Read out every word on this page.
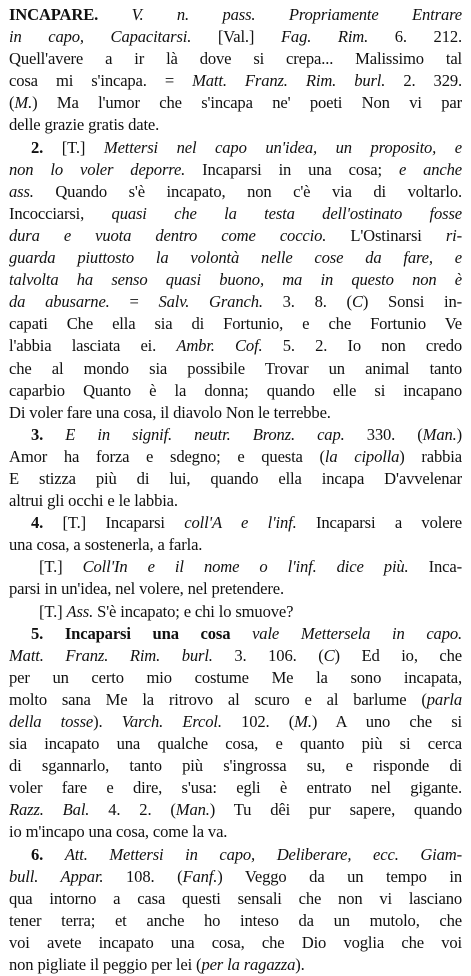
INCAPARE. V. n. pass. Propriamente Entrare
in capo, Capacitarsi. [Val.] Fag. Rim. 6. 212.
Quell'avere a ir là dove si crepa... Malissimo tal
cosa mi s'incapa. = Matt. Franz. Rim. burl. 2. 329.
(M.) Ma l'umor che s'incapa ne' poeti Non vi par
delle grazie gratis date.
2. [T.] Mettersi nel capo un'idea, un proposito, e
non lo voler deporre. Incaparsi in una cosa; e anche
ass. Quando s'è incapato, non c'è via di voltarlo.
Incocciarsi, quasi che la testa dell'ostinato fosse
dura e vuota dentro come coccio. L'Ostinarsi ri-
guarda piuttosto la volontà nelle cose da fare, e
talvolta ha senso quasi buono, ma in questo non è
da abusarne. = Salv. Granch. 3. 8. (C) Sonsi in-
capati Che ella sia di Fortunio, e che Fortunio Ve
l'abbia lasciata ei. Ambr. Cof. 5. 2. Io non credo
che al mondo sia possibile Trovar un animal tanto
caparbio Quanto è la donna; quando elle si incapano
Di voler fare una cosa, il diavolo Non le terrebbe.
3. E in signif. neutr. Bronz. cap. 330. (Man.)
Amor ha forza e sdegno; e questa (la cipolla) rabbia
E stizza più di lui, quando ella incapa D'avvelenar
altrui gli occhi e le labbia.
4. [T.] Incaparsi coll'A e l'inf. Incaparsi a volere
una cosa, a sostenerla, a farla.
[T.] Coll'In e il nome o l'inf. dice più. Inca-
parsi in un'idea, nel volere, nel pretendere.
[T.] Ass. S'è incapato; e chi lo smuove?
5. Incaparsi una cosa vale Mettersela in capo.
Matt. Franz. Rim. burl. 3. 106. (C) Ed io, che
per un certo mio costume Me la sono incapata,
molto sana Me la ritrovo al scuro e al barlume (parla
della tosse). Varch. Ercol. 102. (M.) A uno che si
sia incapato una qualche cosa, e quanto più si cerca
di sgannarlo, tanto più s'ingrossa su, e risponde di
voler fare e dire, s'usa: egli è entrato nel gigante.
Razz. Bal. 4. 2. (Man.) Tu dêi pur sapere, quando
io m'incapo una cosa, come la va.
6. Att. Mettersi in capo, Deliberare, ecc. Giam-
bull. Appar. 108. (Fanf.) Veggo da un tempo in
qua intorno a casa questi sensali che non vi lasciano
tener terra; et anche ho inteso da un mutolo, che
voi avete incapato una cosa, che Dio voglia che voi
non pigliate il peggio per lei (per la ragazza).
